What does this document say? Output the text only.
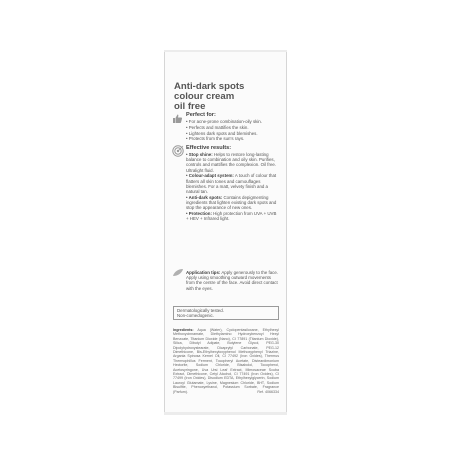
Anti-dark spots
colour cream
oil free
Perfect for:
• For acne-prone combination-oily skin.
• Perfects and mattifies the skin.
• Lightens dark spots and blemishes.
• Protects from the sun's rays.
Effective results:
• Stop shine: Helps to restore long-lasting balance to combination and oily skin. Purifies, controls and mattifies the complexion. Oil free. Ultralight fluid.
• Colour-adapt system: A touch of colour that flatters all skin tones and camouflages blemishes. For a matt, velvety finish and a natural tan.
• Anti-dark spots: Contains depigmenting ingredients that lighten existing dark spots and stop the appearance of new ones.
• Protection: High protection from UVA + UVB + HEV + Infrared light.

Application tips: Apply generously to the face. Apply using smoothing outward movements from the centre of the face. Avoid direct contact with the eyes.

Dermatologically tested.
Non-comedogenic.

Ingredients: Aqua (Water), Cyclopentasiloxane, Ethylhexyl Methoxycinnamate, Diethylamino Hydroxybenzoyl Hexyl Benzoate, Titanium Dioxide (Nano), CI 77891 (Titanium Dioxide), Silica, Dibutyl Adipate, Butylene Glycol, PEG-30 Dipolyhydroxystearate, Dicaprylyl Carbonate, PEG-12 Dimethicone, Bis-Ethylhexyloxyphenol Methoxyphenyl Triazine, Argania Spinosa Kernel Oil, CI 77492 (Iron Oxides), Thermus Thermophillus Ferment, Tocopheryl Acetate, Disteardimonium Hectorite, Sodium Chloride, Bisabolol, Tocopherol, Acetosyringone, Uva Ursi Leaf Extract, Mimosaceae Scuba Extract, Dimethicone, Cetyl Alcohol, CI 77491 (Iron Oxides), CI 77499 (Iron Oxides), Disodium EDTA, Ethylhexylglycerin, Sodium Lauroyl Glutamate, Lysine, Magnesium Chloride, BHT, Sodium Bisulfite, Phenoxyethanol, Potassium Sorbate, Fragrance (Parfum).	Ref. 4066334
